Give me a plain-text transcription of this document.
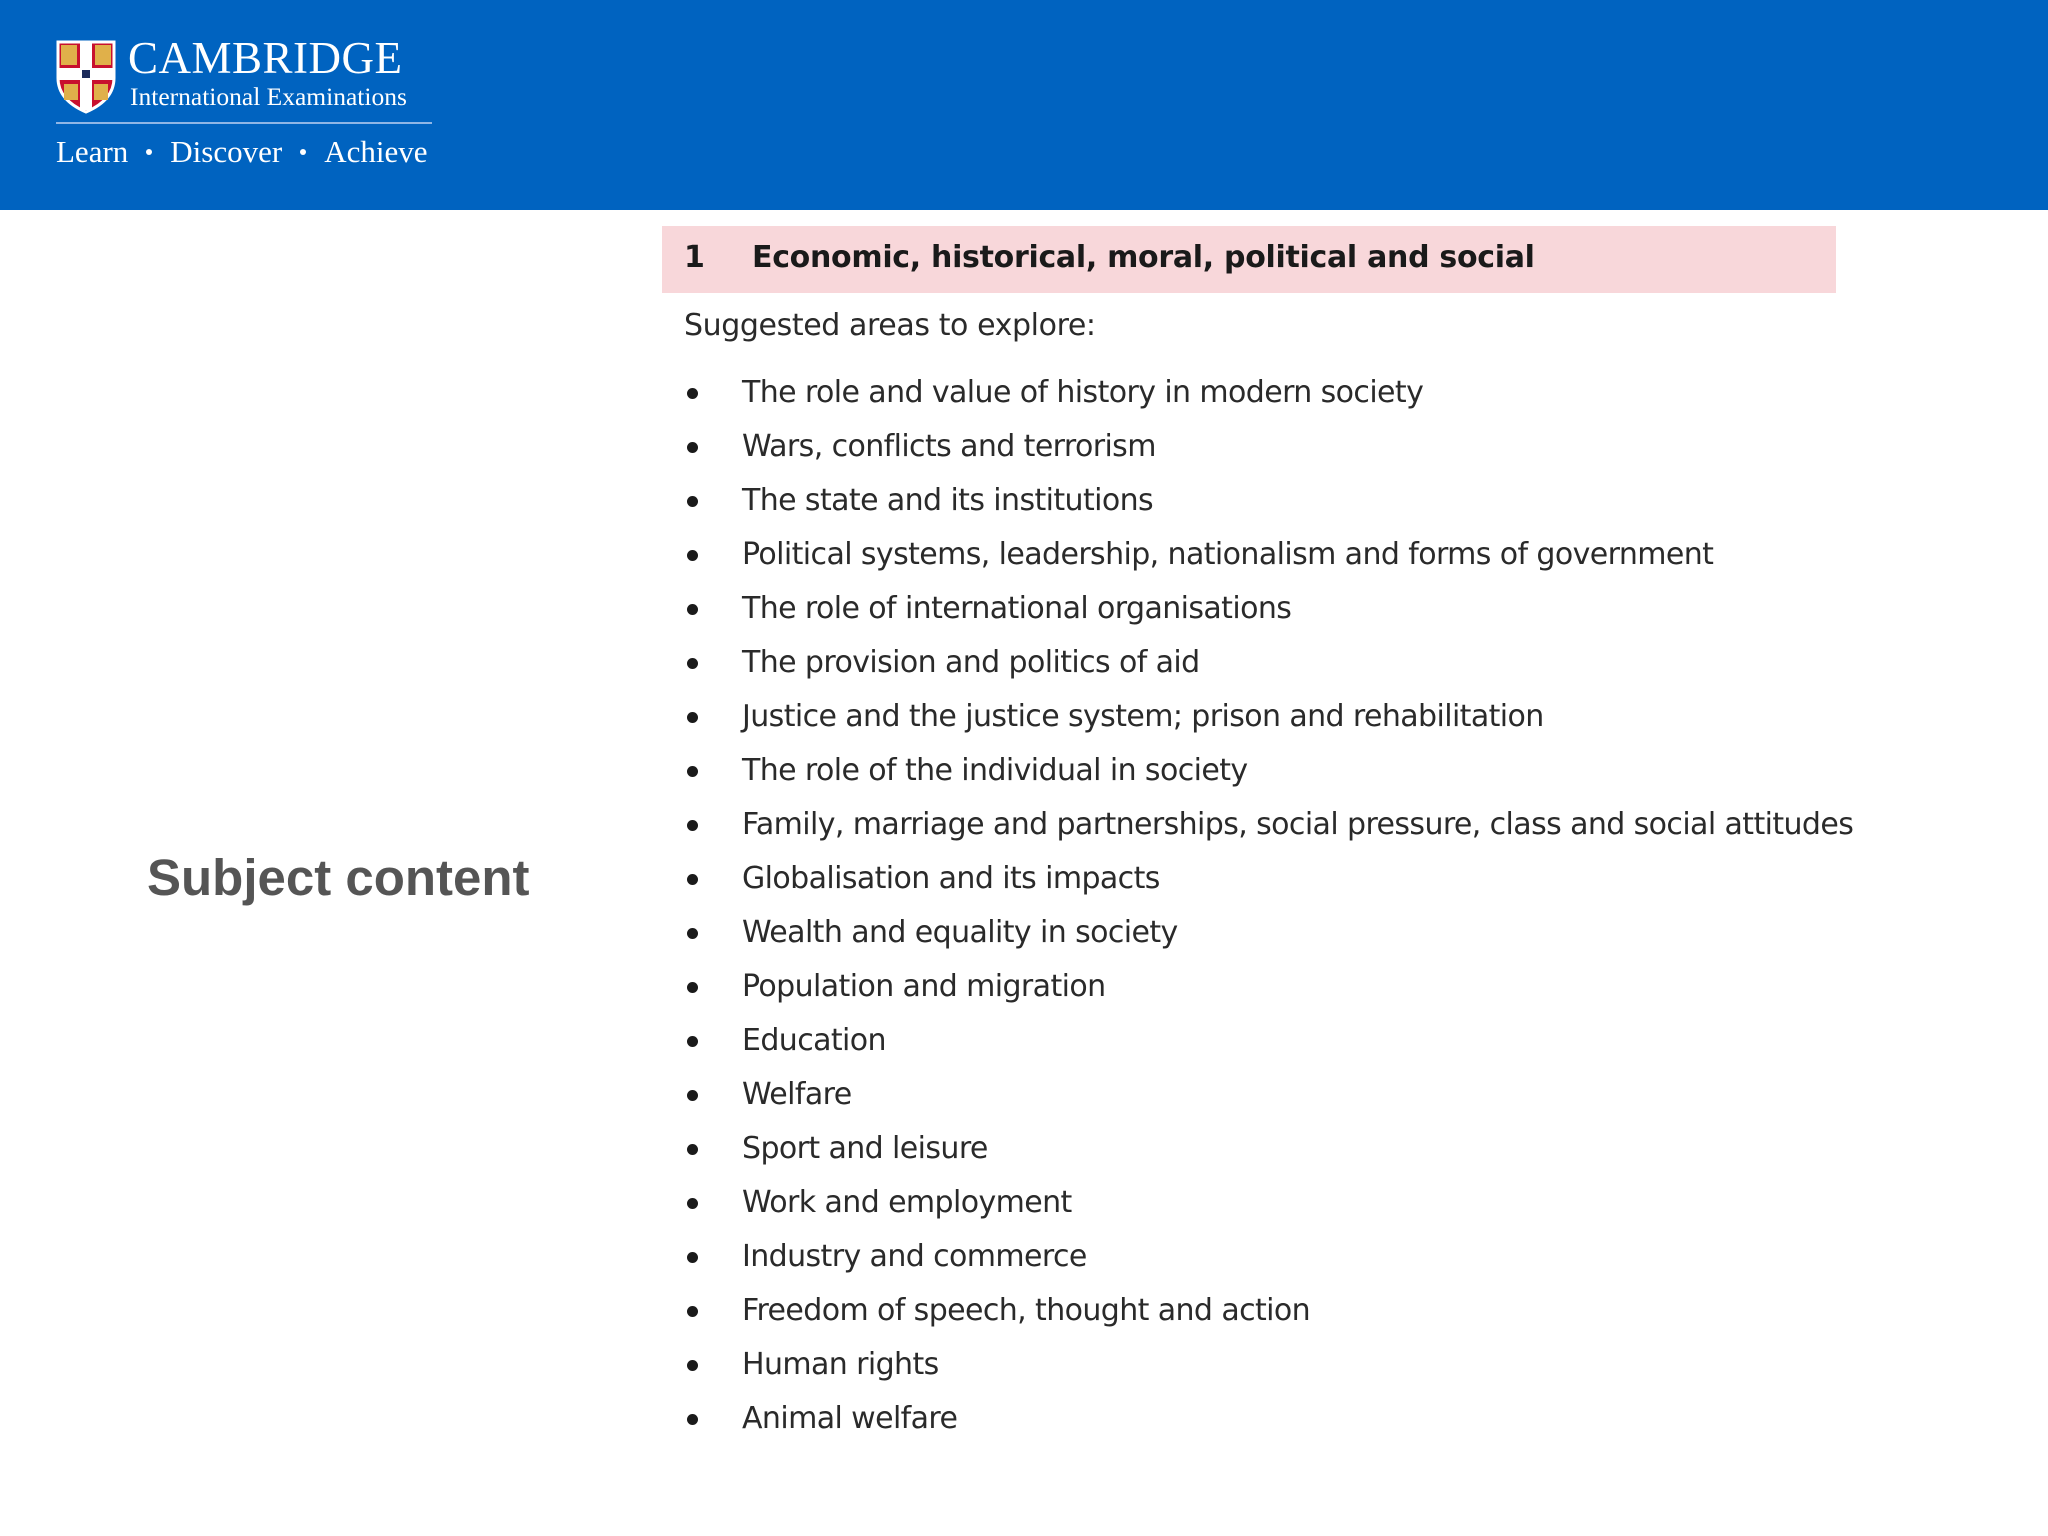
CAMBRIDGE
International Examinations
Learn Discover Achieve
Subject content
1 Economic, historical, moral, political and social
Suggested areas to explore:
The role and value of history in modern society
Wars, conflicts and terrorism
The state and its institutions
Political systems, leadership, nationalism and forms of government
The role of international organisations
The provision and politics of aid
Justice and the justice system; prison and rehabilitation
The role of the individual in society
Family, marriage and partnerships, social pressure, class and social attitudes
Globalisation and its impacts
Wealth and equality in society
Population and migration
Education
Welfare
Sport and leisure
Work and employment
Industry and commerce
Freedom of speech, thought and action
Human rights
Animal welfare
